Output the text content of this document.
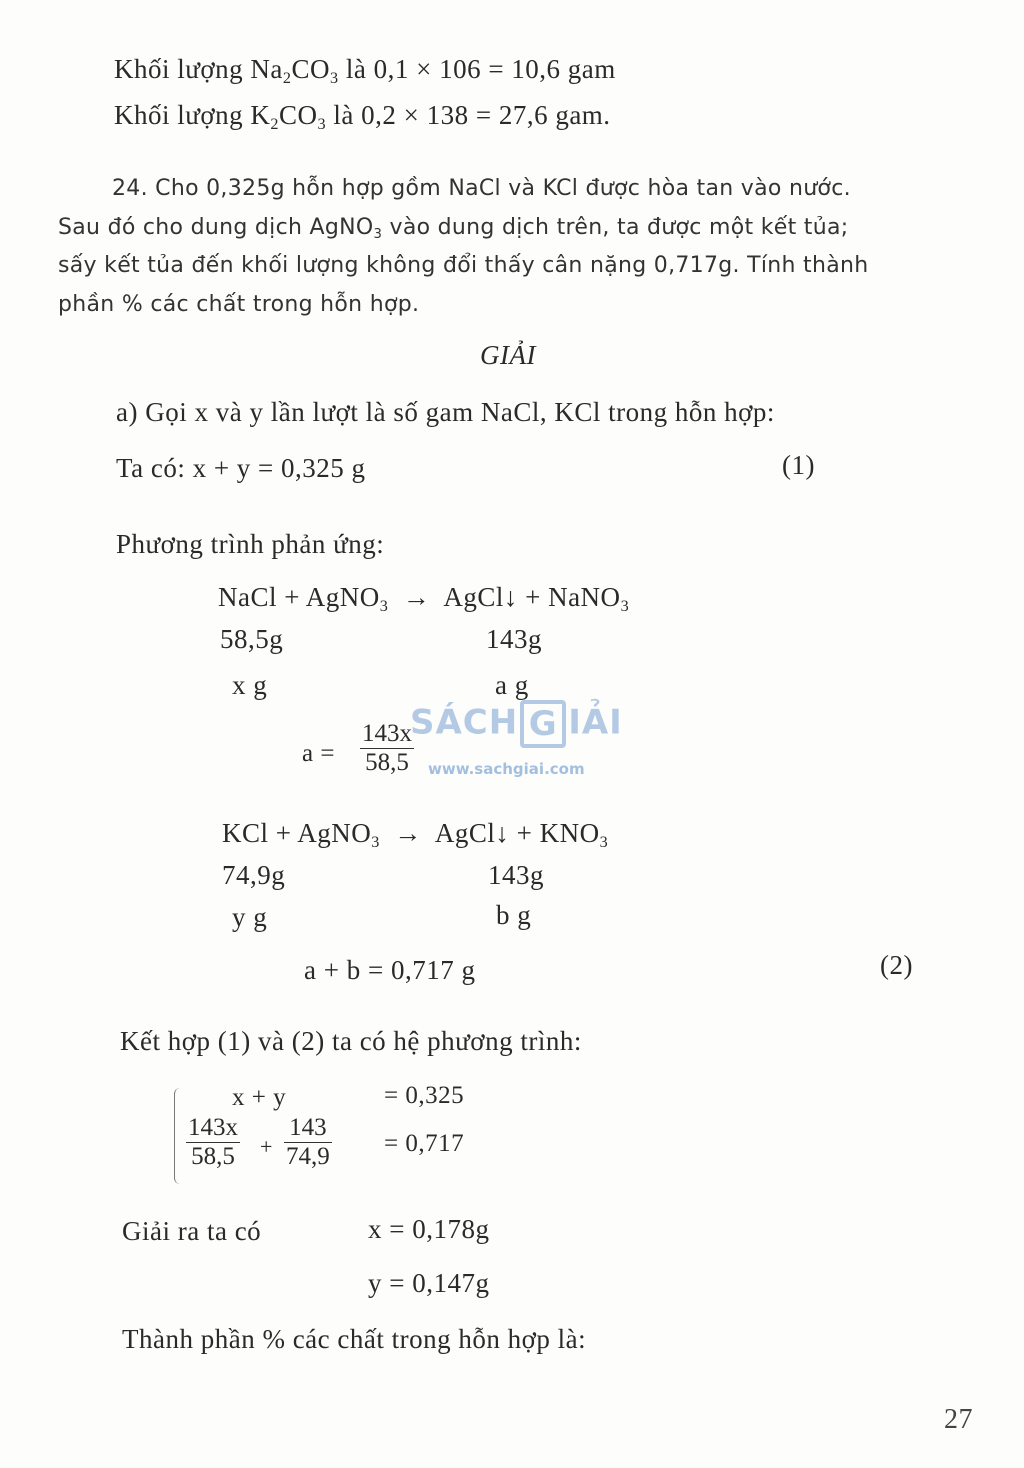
Khối lượng $Na_2CO_3$ là 0,1 × 106 = 10,6 gam
Khối lượng $K_2CO_3$ là 0,2 × 138 = 27,6 gam.
24. Cho 0,325g hỗn hợp gồm NaCl và KCl được hòa tan vào nước.
Sau đó cho dung dịch AgNO$_3$ vào dung dịch trên, ta được một kết tủa;
sấy kết tủa đến khối lượng không đổi thấy cân nặng 0,717g. Tính thành
phần % các chất trong hỗn hợp.
GIẢI
a) Gọi x và y lần lượt là số gam NaCl, KCl trong hỗn hợp:
Ta có: x + y = 0,325 g	(1)
Phương trình phản ứng:
NaCl + AgNO$_3$  →  AgCl↓ + NaNO$_3$
58,5g	143g
x g	a g
$a = \frac{143x}{58,5}$
KCl + AgNO$_3$  →  AgCl↓ + $KNO_3$
74,9g	143g
y g	b g
a + b = 0,717 g	(2)
Kết hợp (1) và (2) ta có hệ phương trình:
x + y	= 0,325
$\frac{143x}{58,5} + \frac{143}{74,9} = 0,717$
Giải ra ta có	x = 0,178g
y = 0,147g
Thành phần % các chất trong hỗn hợp là:
SÁCH G IẢI
www.sachgiai.com
27
